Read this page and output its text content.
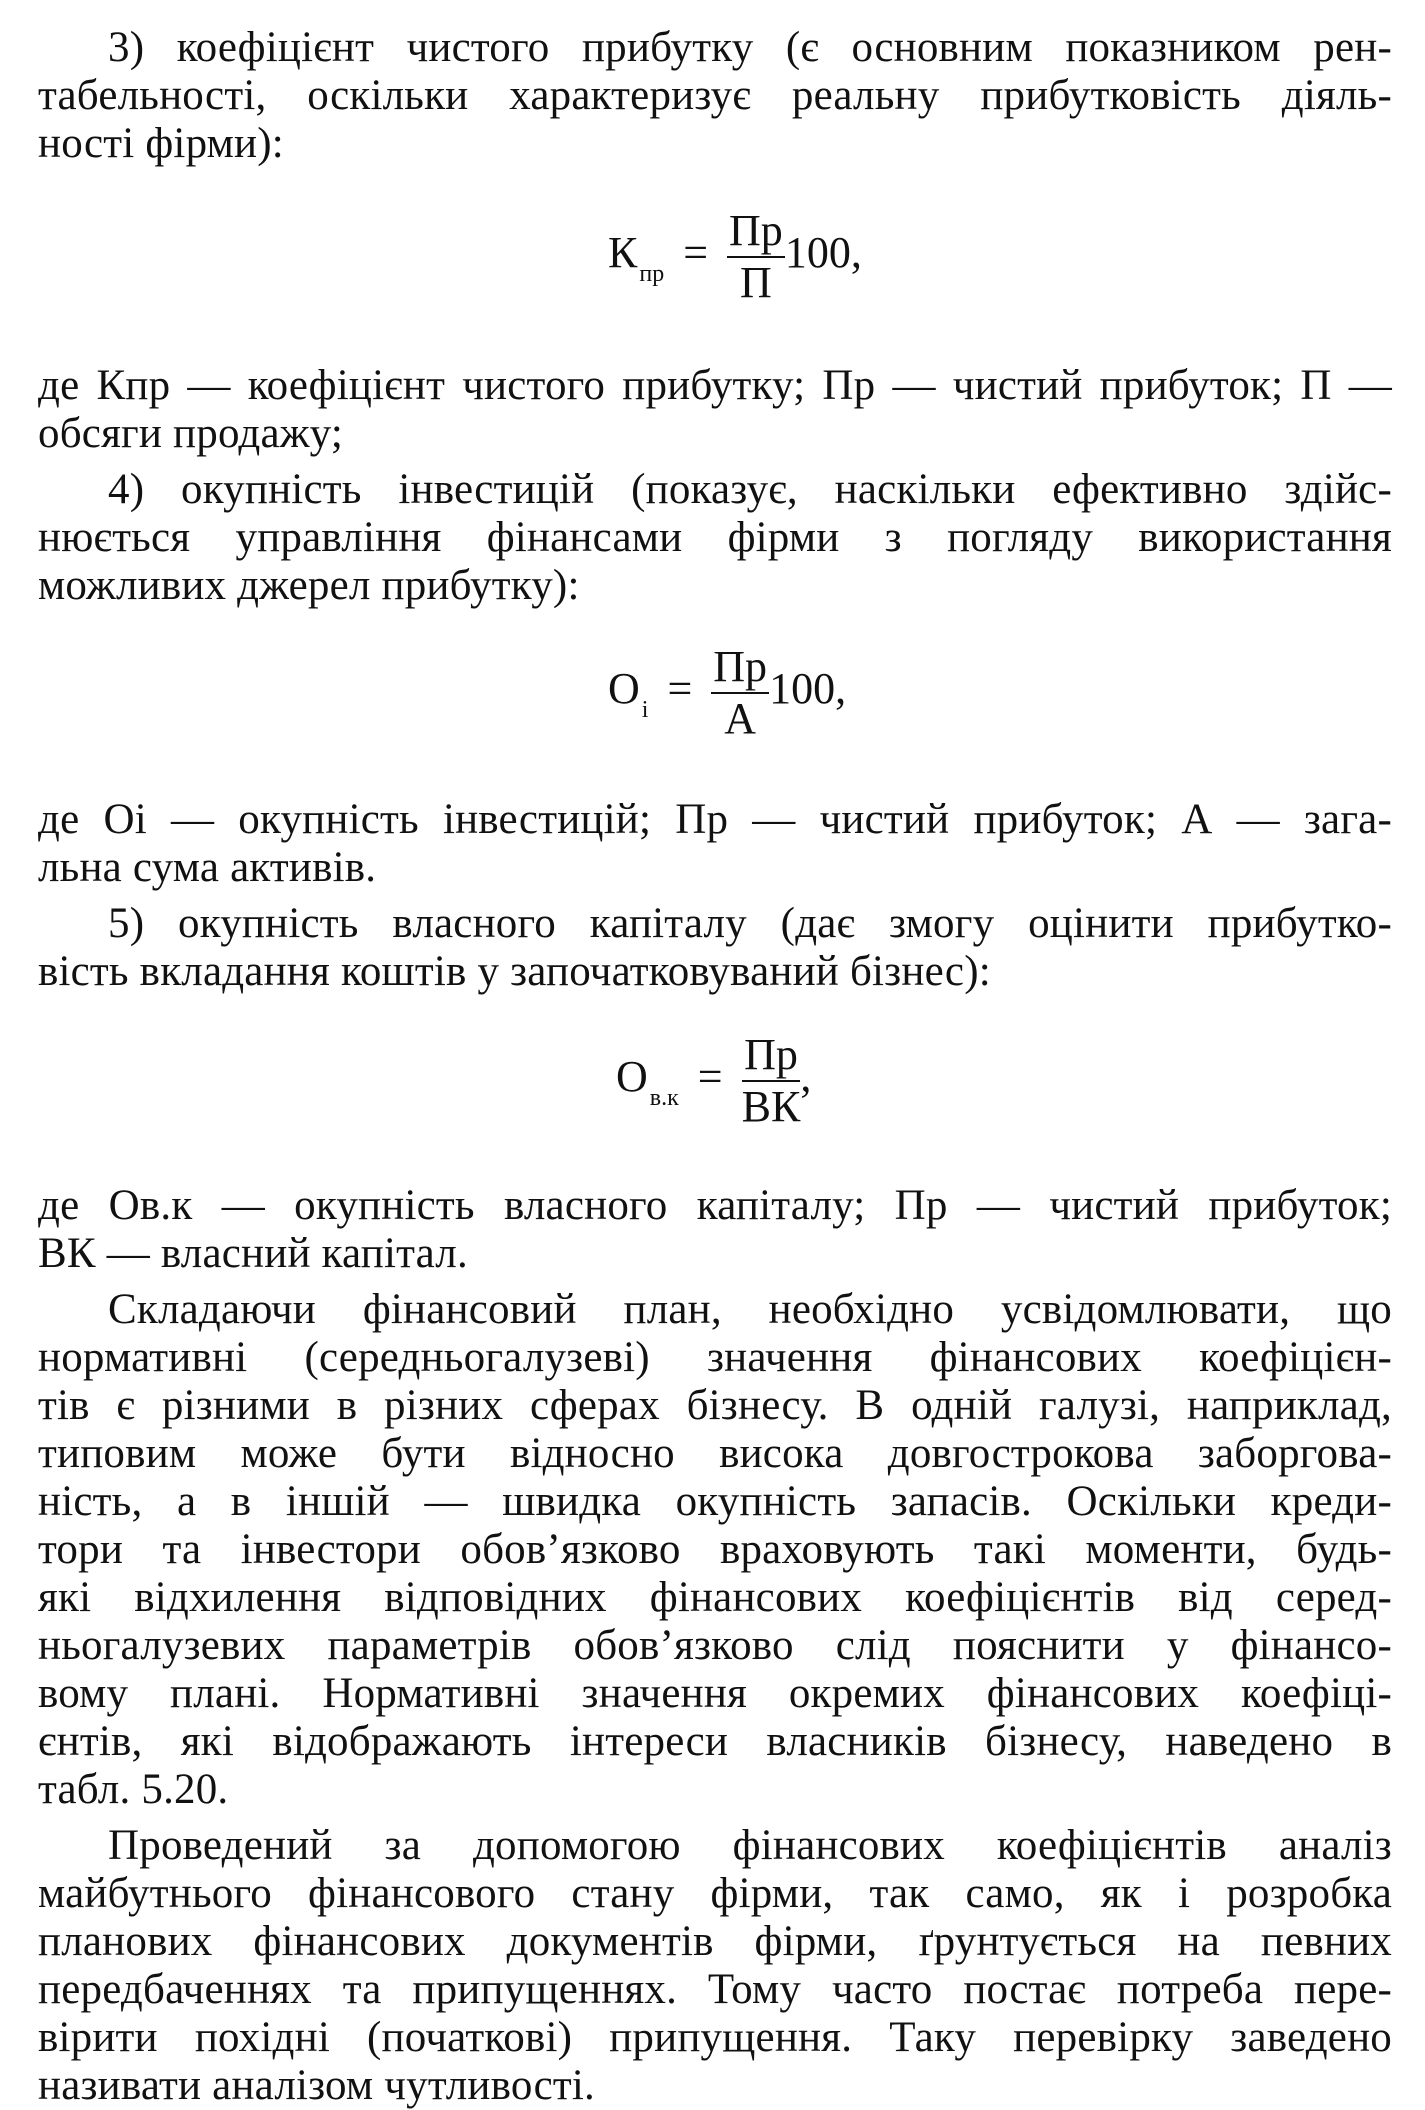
3) коефіцієнт чистого прибутку (є основним показником рен-
табельності, оскільки характеризує реальну прибутковість діяль-
ності фірми):
$К_{пр} = \frac{Пр}{П} 100$,
де Кпр — коефіцієнт чистого прибутку; Пр — чистий прибуток; П —
обсяги продажу;
4) окупність інвестицій (показує, наскільки ефективно здійс-
нюється управління фінансами фірми з погляду використання
можливих джерел прибутку):
$О_і = \frac{Пр}{А} 100$,
де Оі — окупність інвестицій; Пр — чистий прибуток; А — зага-
льна сума активів.
5) окупність власного капіталу (дає змогу оцінити прибутко-
вість вкладання коштів у започатковуваний бізнес):
$О_{в.к} = \frac{Пр}{ВК}$ ,
де Ов.к — окупність власного капіталу; Пр — чистий прибуток;
ВК — власний капітал.
Складаючи фінансовий план, необхідно усвідомлювати, що
нормативні (середньогалузеві) значення фінансових коефіцієн-
тів є різними в різних сферах бізнесу. В одній галузі, наприклад,
типовим може бути відносно висока довгострокова заборгова-
ність, а в іншій — швидка окупність запасів. Оскільки креди-
тори та інвестори обов’язково враховують такі моменти, будь-
які відхилення відповідних фінансових коефіцієнтів від серед-
ньогалузевих параметрів обов’язково слід пояснити у фінансо-
вому плані. Нормативні значення окремих фінансових коефіці-
єнтів, які відображають інтереси власників бізнесу, наведено в
табл. 5.20.
Проведений за допомогою фінансових коефіцієнтів аналіз
майбутнього фінансового стану фірми, так само, як і розробка
планових фінансових документів фірми, ґрунтується на певних
передбаченнях та припущеннях. Тому часто постає потреба пере-
вірити похідні (початкові) припущення. Таку перевірку заведено
називати аналізом чутливості.
